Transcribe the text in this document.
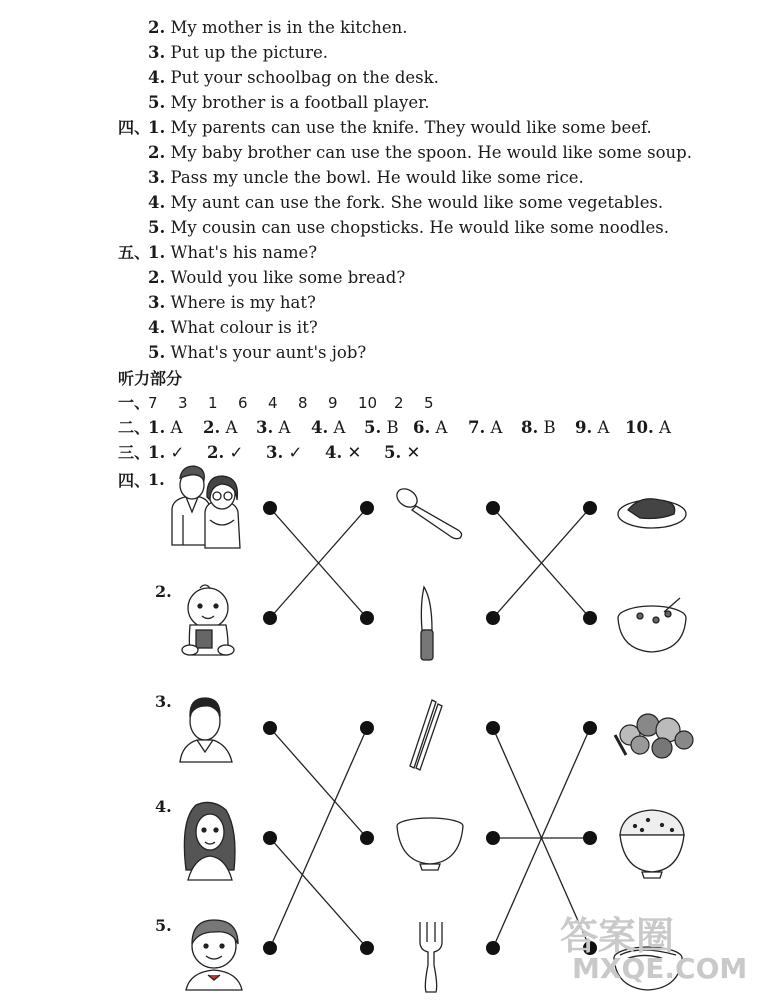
2. My mother is in the kitchen.
3. Put up the picture.
4. Put your schoolbag on the desk.
5. My brother is a football player.
四、
1. My parents can use the knife. They would like some beef.
2. My baby brother can use the spoon. He would like some soup.
3. Pass my uncle the bowl. He would like some rice.
4. My aunt can use the fork. She would like some vegetables.
5. My cousin can use chopsticks. He would like some noodles.
五、
1. What's his name?
2. Would you like some bread?
3. Where is my hat?
4. What colour is it?
5. What's your aunt's job?
听力部分
一、
7 3 1 6 4 8 9 10 2 5
二、
1. A 2. A 3. A 4. A 5. B 6. A 7. A 8. B 9. A 10. A
三、
1. ✓ 2. ✓ 3. ✓ 4. ✕ 5. ✕
四、
1.
2.
3.
4.
5.	答案圈
MXQE.COM
